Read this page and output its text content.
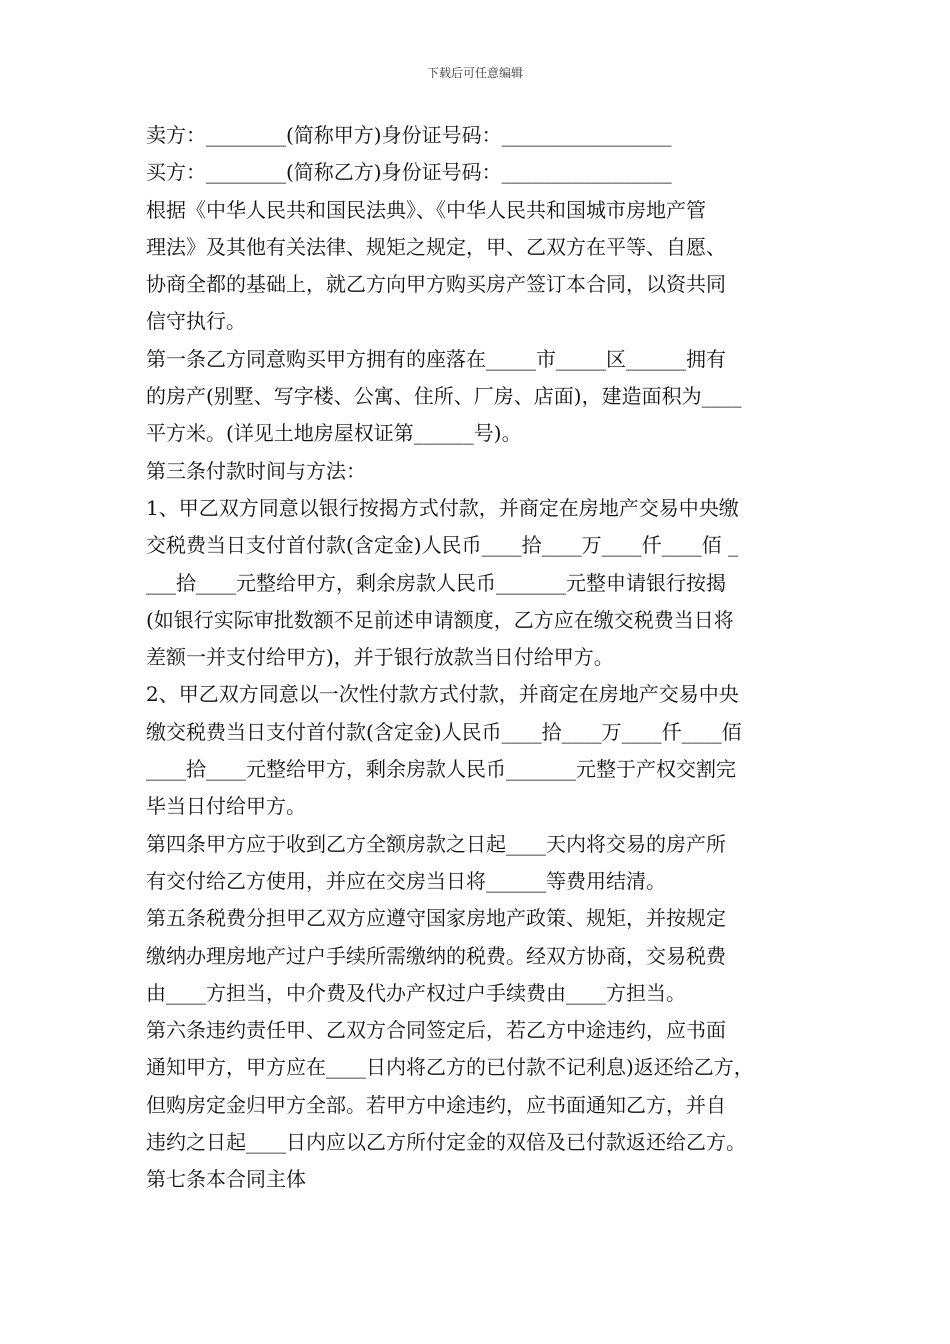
下载后可任意编辑
卖方：________(简称甲方)身份证号码：_________________
买方：________(简称乙方)身份证号码：_________________
根据《中华人民共和国民法典》、《中华人民共和国城市房地产管
理法》及其他有关法律、规矩之规定，甲、乙双方在平等、自愿、
协商全都的基础上，就乙方向甲方购买房产签订本合同，以资共同
信守执行。
第一条乙方同意购买甲方拥有的座落在_____市_____区______拥有
的房产(别墅、写字楼、公寓、住所、厂房、店面)，建造面积为____
平方米。(详见土地房屋权证第______号)。
第三条付款时间与方法：
1、甲乙双方同意以银行按揭方式付款，并商定在房地产交易中央缴
交税费当日支付首付款(含定金)人民币____拾____万____仟____佰 _
___拾____元整给甲方，剩余房款人民币_______元整申请银行按揭
(如银行实际审批数额不足前述申请额度，乙方应在缴交税费当日将
差额一并支付给甲方)，并于银行放款当日付给甲方。
2、甲乙双方同意以一次性付款方式付款，并商定在房地产交易中央
缴交税费当日支付首付款(含定金)人民币____拾____万____仟____佰
____拾____元整给甲方，剩余房款人民币_______元整于产权交割完
毕当日付给甲方。
第四条甲方应于收到乙方全额房款之日起____天内将交易的房产所
有交付给乙方使用，并应在交房当日将______等费用结清。
第五条税费分担甲乙双方应遵守国家房地产政策、规矩，并按规定
缴纳办理房地产过户手续所需缴纳的税费。经双方协商，交易税费
由____方担当，中介费及代办产权过户手续费由____方担当。
第六条违约责任甲、乙双方合同签定后，若乙方中途违约，应书面
通知甲方，甲方应在____日内将乙方的已付款不记利息)返还给乙方，
但购房定金归甲方全部。若甲方中途违约，应书面通知乙方，并自
违约之日起____日内应以乙方所付定金的双倍及已付款返还给乙方。
第七条本合同主体
